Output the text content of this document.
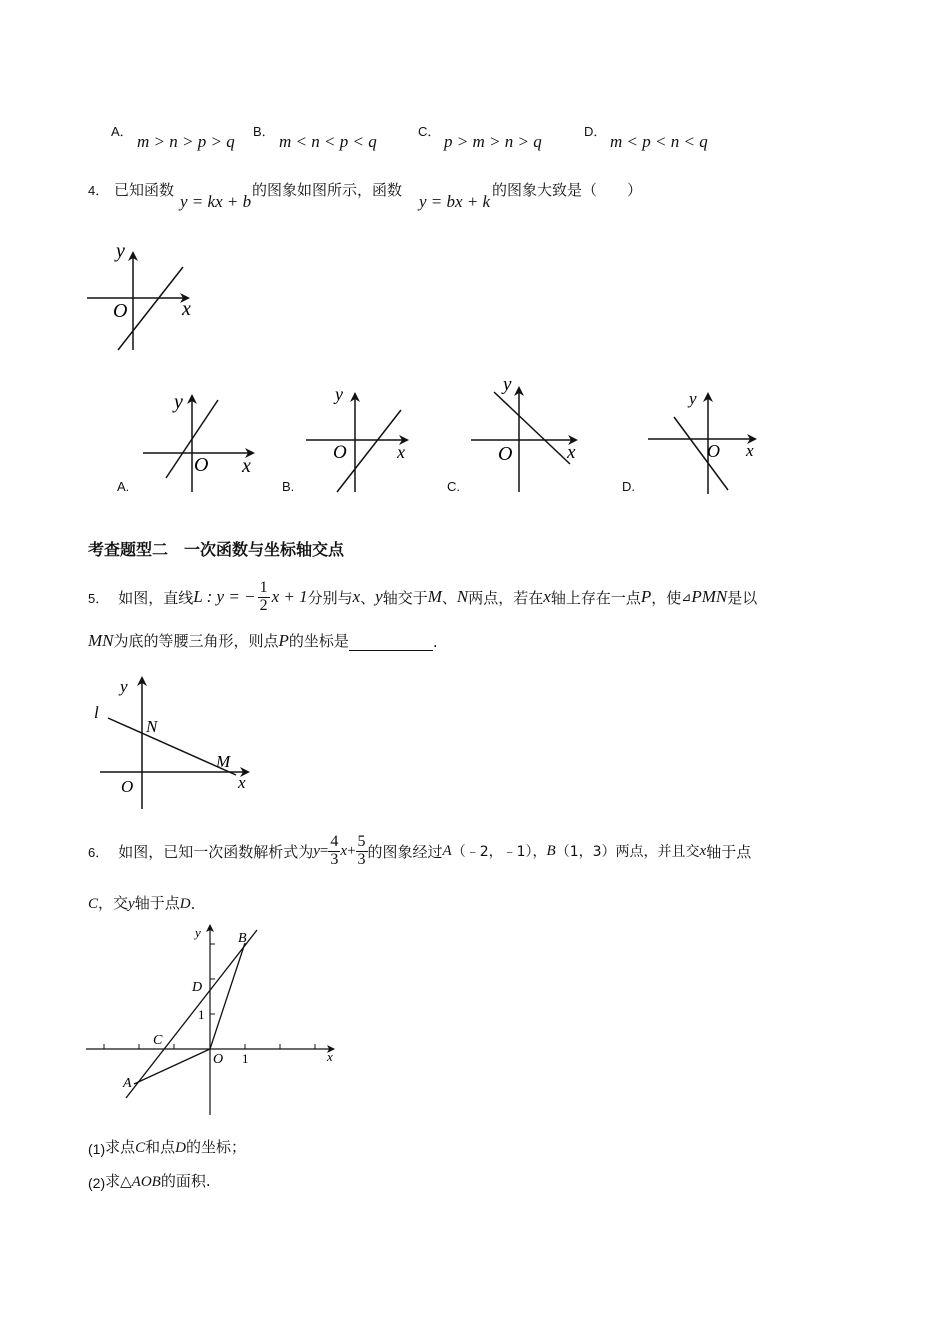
A．
m > n > p > q
B．
m < n < p < q
C．
p > m > n > q
D．
m < p < n < q
4． 已知函数
y = kx + b
的图象如图所示，函数
y = bx + k
的图象大致是（　　）
y
x
O
y
x
O
A.
y
x
O
B.
y
x
O
C.
y
x
O
D.
考查题型二　一次函数与坐标轴交点
5． 如图，直线 L : y = − $\frac{1}{2}$ x + 1 分别与 x 、 y 轴交于 M 、 N 两点，若在 x 轴上存在一点 P ，使 ⊿ PMN 是以
MN 为底的等腰三角形，则点 P 的坐标是	.
y
x
O
l
N
M
6． 如图，已知一次函数解析式为 $y = \frac{4}{3}$ $x + \frac{5}{3}$ 的图象经过 A （﹣2，﹣1）， B （1，3）两点，并且交 x 轴于点
C ，交 y 轴于点 D .
y
x
B
D
1
C
O 1
A
(1) 求点 C 和点 D 的坐标；
(2) 求△ AOB 的面积.
